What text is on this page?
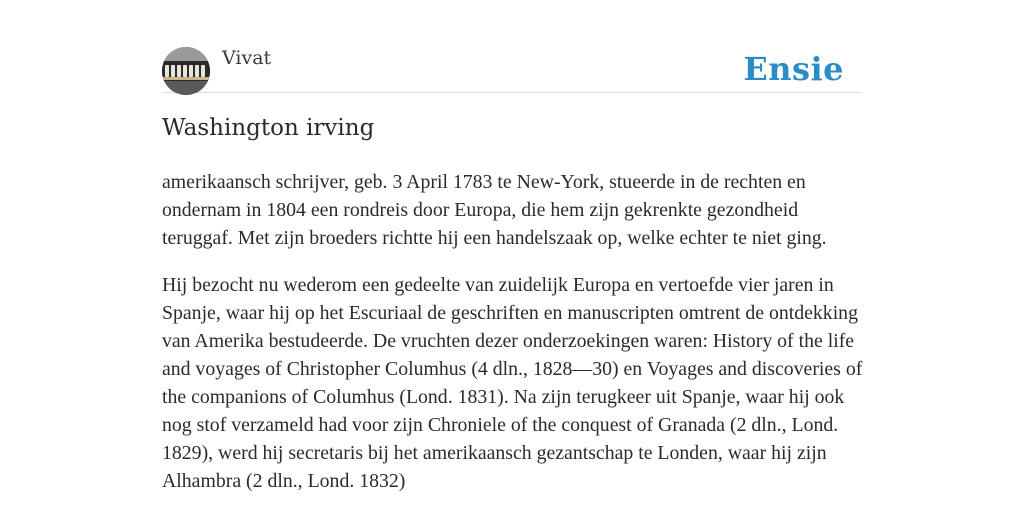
Vivat	Ensie
Washington irving

amerikaansch schrijver, geb. 3 April 1783 te New-York, stueerde in de rechten en ondernam in 1804 een rondreis door Europa, die hem zijn gekrenkte gezondheid teruggaf. Met zijn broeders richtte hij een handelszaak op, welke echter te niet ging.

Hij bezocht nu wederom een gedeelte van zuidelijk Europa en vertoefde vier jaren in Spanje, waar hij op het Escuriaal de geschriften en manuscripten omtrent de ontdekking van Amerika bestudeerde. De vruchten dezer onderzoekingen waren: History of the life and voyages of Christopher Columhus (4 dln., 1828—30) en Voyages and discoveries of the companions of Columhus (Lond. 1831). Na zijn terugkeer uit Spanje, waar hij ook nog stof verzameld had voor zijn Chroniele of the conquest of Granada (2 dln., Lond. 1829), werd hij secretaris bij het amerikaansch gezantschap te Londen, waar hij zijn Alhambra (2 dln., Lond. 1832)
